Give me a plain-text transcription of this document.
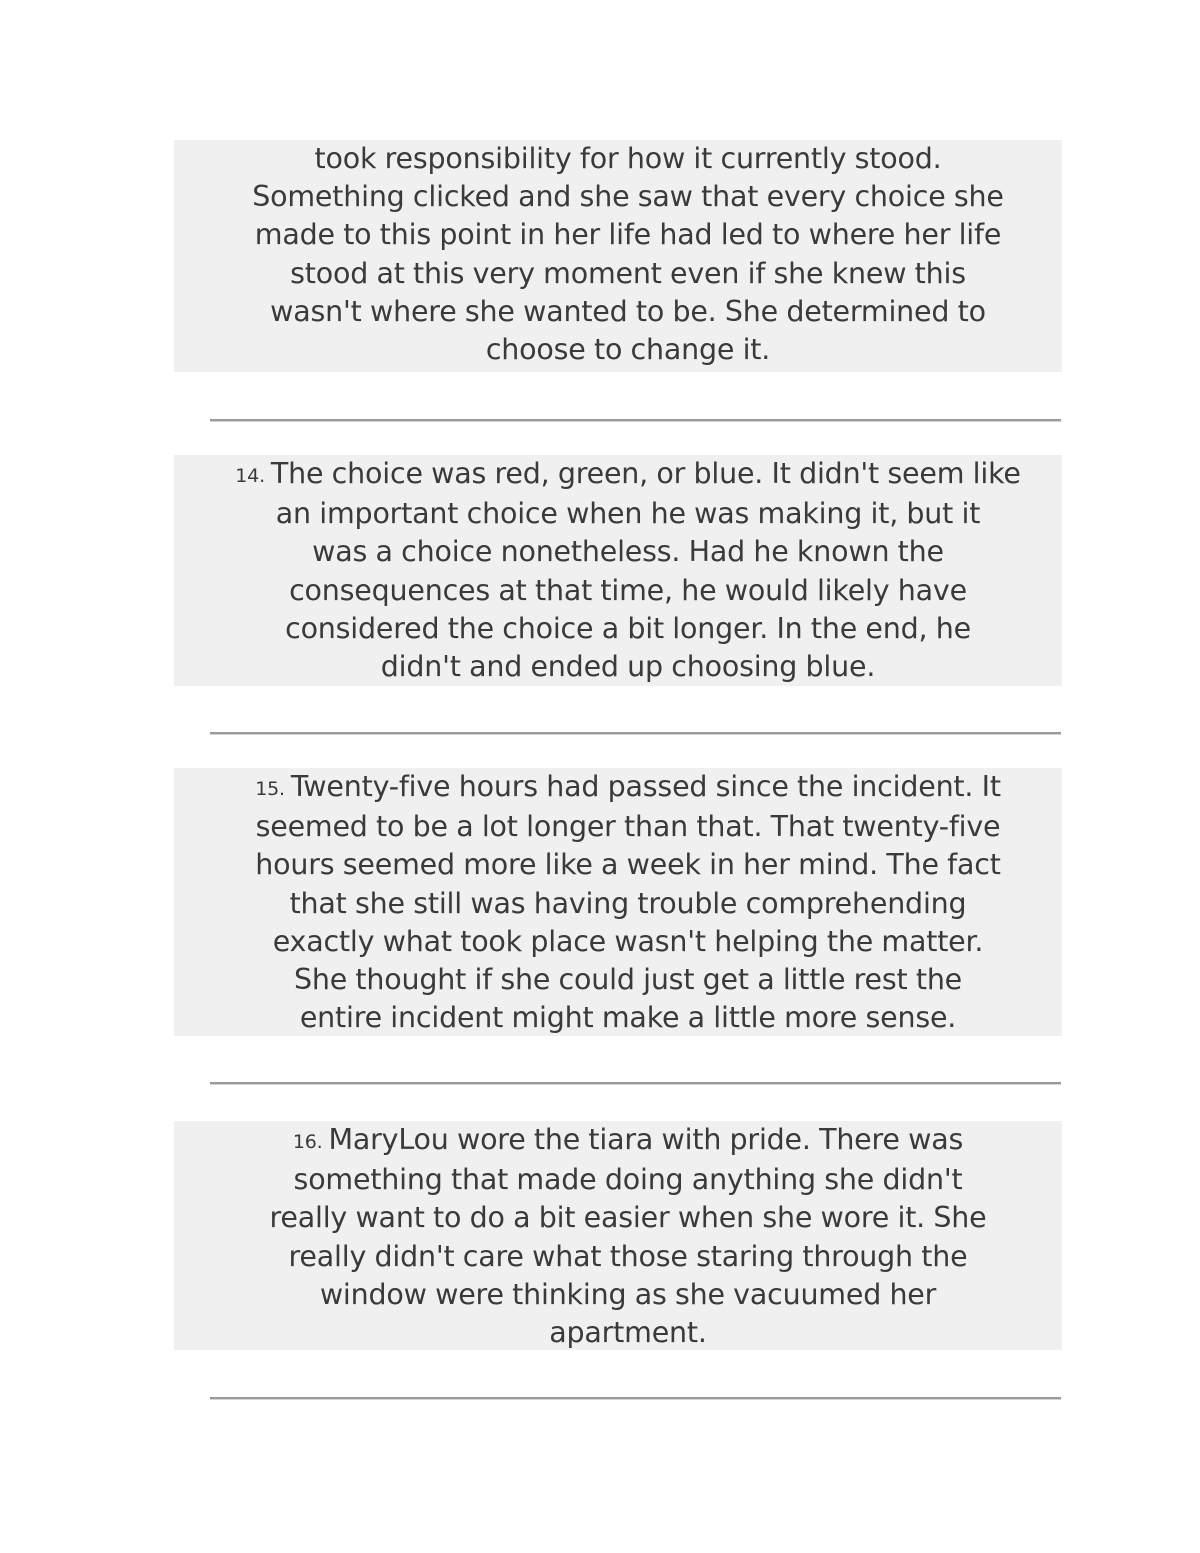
took responsibility for how it currently stood.
Something clicked and she saw that every choice she
made to this point in her life had led to where her life
stood at this very moment even if she knew this
wasn't where she wanted to be. She determined to
choose to change it.
14. The choice was red, green, or blue. It didn't seem like
an important choice when he was making it, but it
was a choice nonetheless. Had he known the
consequences at that time, he would likely have
considered the choice a bit longer. In the end, he
didn't and ended up choosing blue.
15. Twenty-five hours had passed since the incident. It
seemed to be a lot longer than that. That twenty-five
hours seemed more like a week in her mind. The fact
that she still was having trouble comprehending
exactly what took place wasn't helping the matter.
She thought if she could just get a little rest the
entire incident might make a little more sense.
16. MaryLou wore the tiara with pride. There was
something that made doing anything she didn't
really want to do a bit easier when she wore it. She
really didn't care what those staring through the
window were thinking as she vacuumed her
apartment.
